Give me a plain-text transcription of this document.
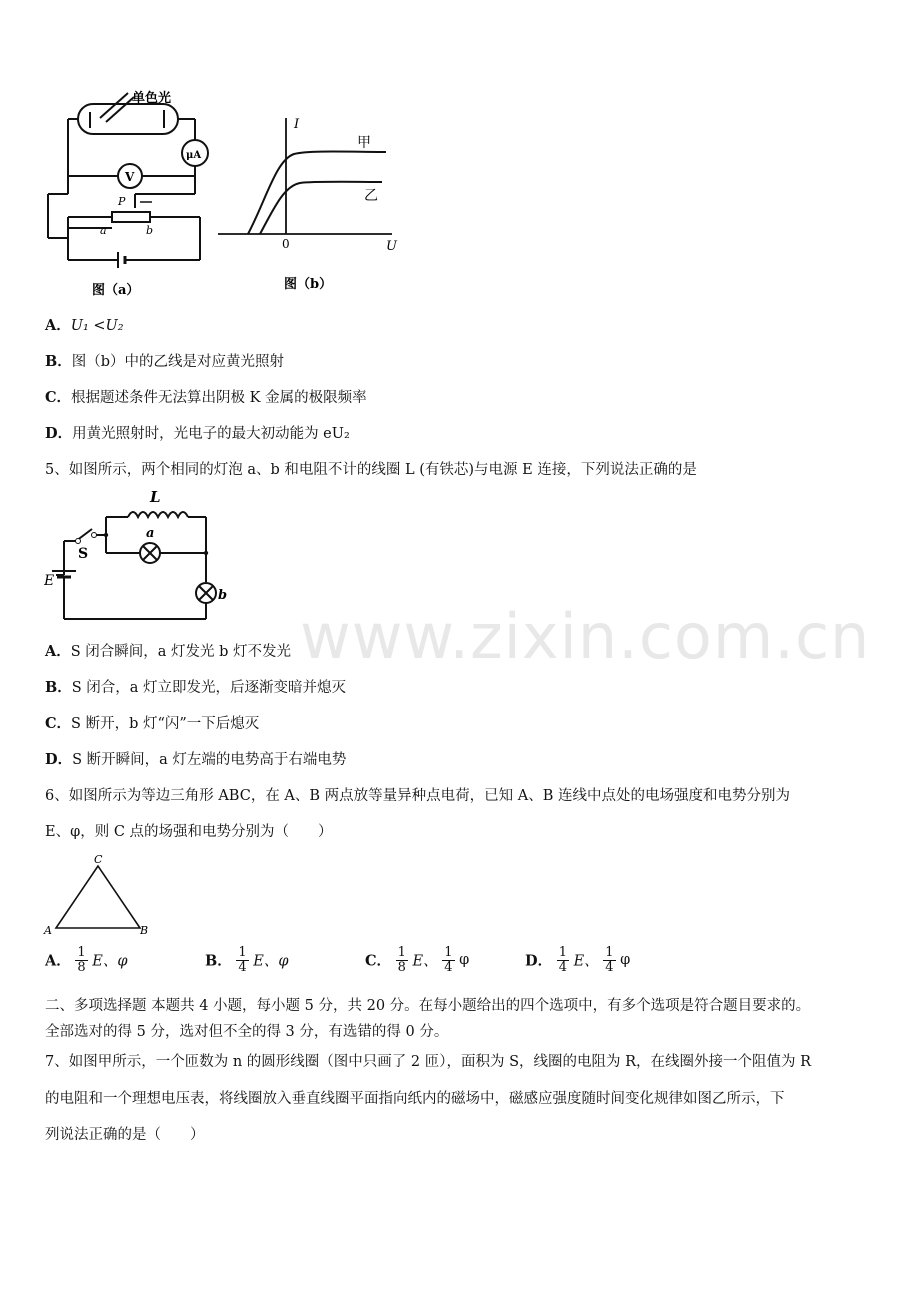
www.zixin.com.cn
单色光
μA
V
P
a	b
图（a）
I
甲
乙
0	U
图（b）
A．U₁ <U₂
B．图（b）中的乙线是对应黄光照射
C．根据题述条件无法算出阴极 K 金属的极限频率
D．用黄光照射时，光电子的最大初动能为 eU₂
5、如图所示，两个相同的灯泡 a、b 和电阻不计的线圈 L (有铁芯)与电源 E 连接，下列说法正确的是
L
a
S
E
b
A．S 闭合瞬间，a 灯发光 b 灯不发光
B．S 闭合，a 灯立即发光，后逐渐变暗并熄灭
C．S 断开，b 灯“闪”一下后熄灭
D．S 断开瞬间，a 灯左端的电势高于右端电势
6、如图所示为等边三角形 ABC，在 A、B 两点放等量异种点电荷，已知 A、B 连线中点处的电场强度和电势分别为
E、φ，则 C 点的场强和电势分别为（　　）
C
A	B
A． $\frac{1}{8}$ E、φ	B． $\frac{1}{4}$ E、φ	C． $\frac{1}{8}$ E、 $\frac{1}{4}$ φ	D． $\frac{1}{4}$ E、 $\frac{1}{4}$ φ
二、多项选择题 本题共 4 小题，每小题 5 分，共 20 分。在每小题给出的四个选项中，有多个选项是符合题目要求的。
全部选对的得 5 分，选对但不全的得 3 分，有选错的得 0 分。
7、如图甲所示，一个匝数为 n 的圆形线圈（图中只画了 2 匝），面积为 S，线圈的电阻为 R，在线圈外接一个阻值为 R
的电阻和一个理想电压表，将线圈放入垂直线圈平面指向纸内的磁场中，磁感应强度随时间变化规律如图乙所示，下
列说法正确的是（　　）
